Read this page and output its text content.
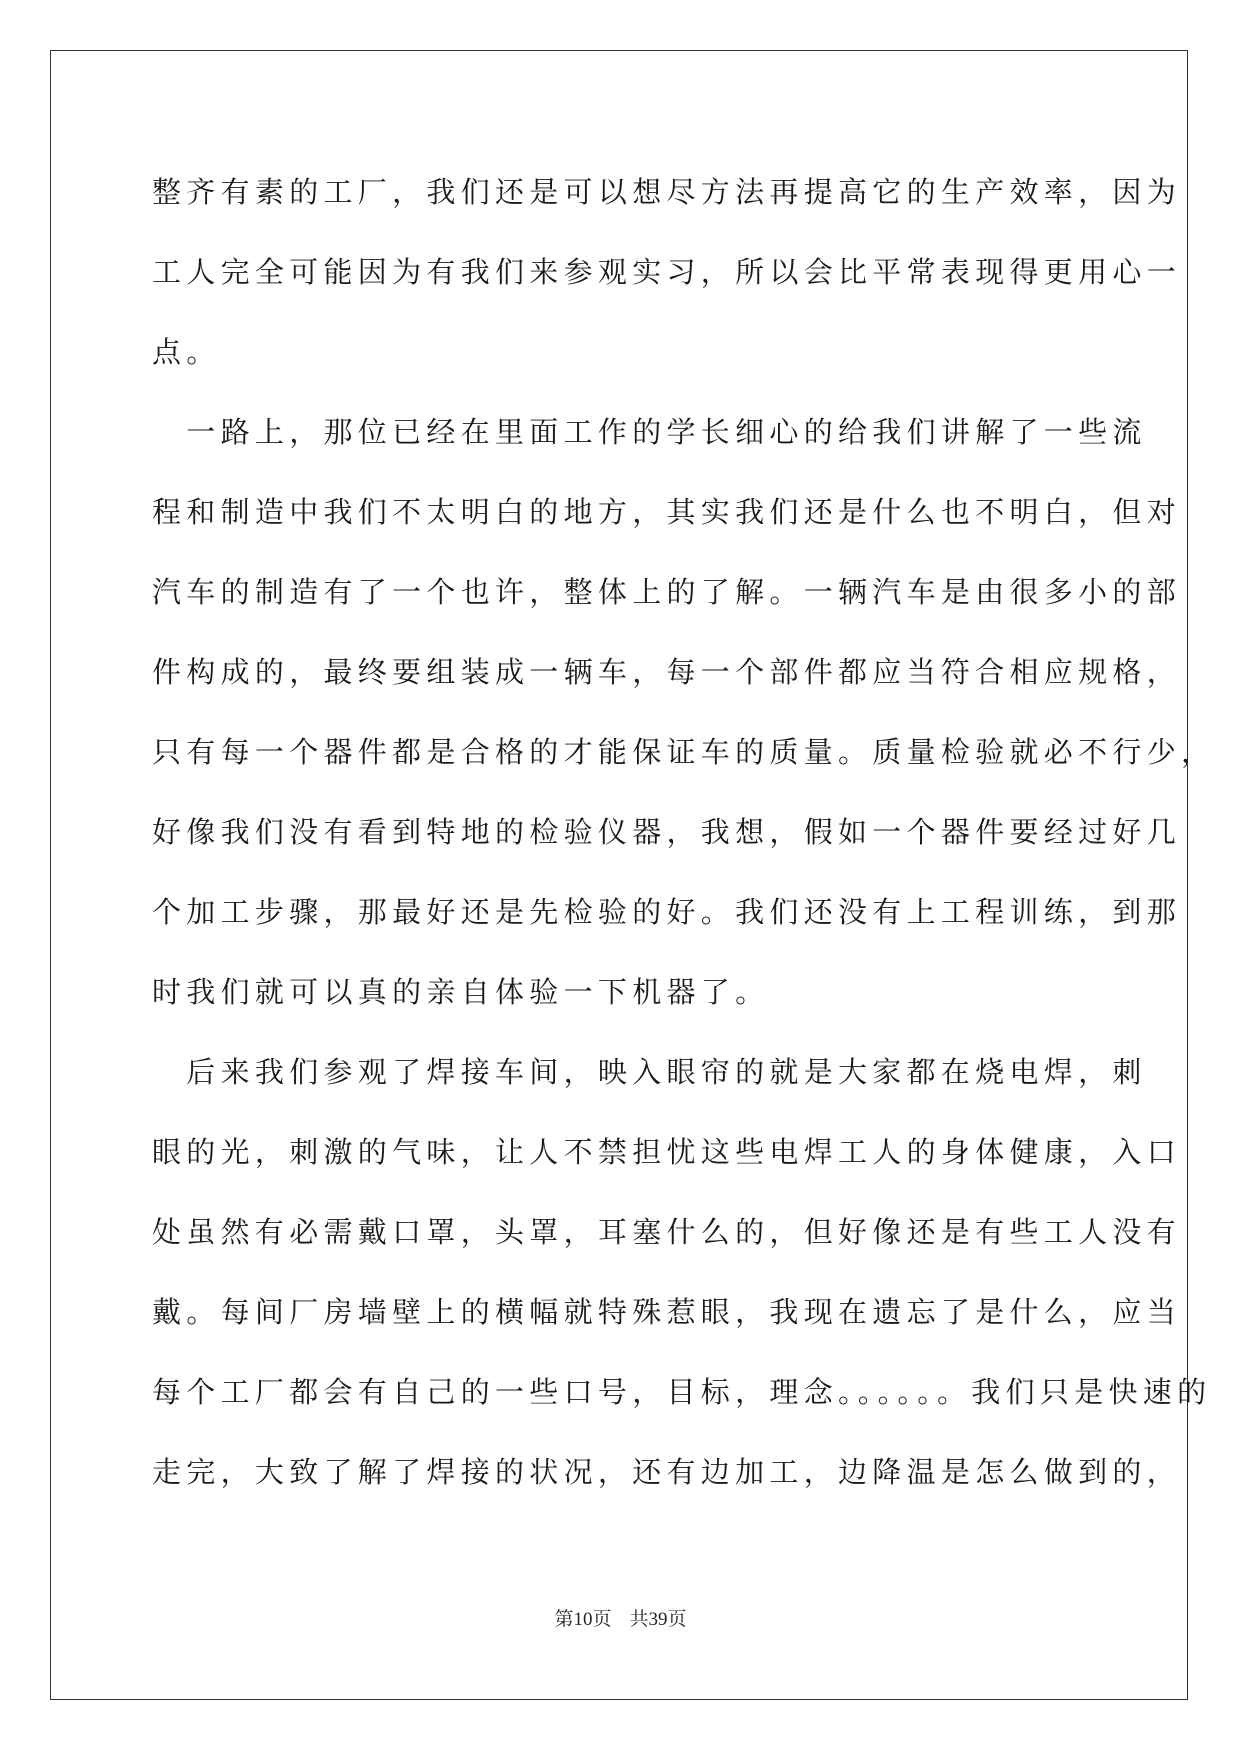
整齐有素的工厂，我们还是可以想尽方法再提高它的生产效率，因为
工人完全可能因为有我们来参观实习，所以会比平常表现得更用心一
点。
　一路上，那位已经在里面工作的学长细心的给我们讲解了一些流
程和制造中我们不太明白的地方，其实我们还是什么也不明白，但对
汽车的制造有了一个也许，整体上的了解。一辆汽车是由很多小的部
件构成的，最终要组装成一辆车，每一个部件都应当符合相应规格，
只有每一个器件都是合格的才能保证车的质量。质量检验就必不行少，
好像我们没有看到特地的检验仪器，我想，假如一个器件要经过好几
个加工步骤，那最好还是先检验的好。我们还没有上工程训练，到那
时我们就可以真的亲自体验一下机器了。
　后来我们参观了焊接车间，映入眼帘的就是大家都在烧电焊，刺
眼的光，刺激的气味，让人不禁担忧这些电焊工人的身体健康，入口
处虽然有必需戴口罩，头罩，耳塞什么的，但好像还是有些工人没有
戴。每间厂房墙壁上的横幅就特殊惹眼，我现在遗忘了是什么，应当
每个工厂都会有自己的一些口号，目标，理念。。。。。。我们只是快速的
走完，大致了解了焊接的状况，还有边加工，边降温是怎么做到的，
第10页 共39页
